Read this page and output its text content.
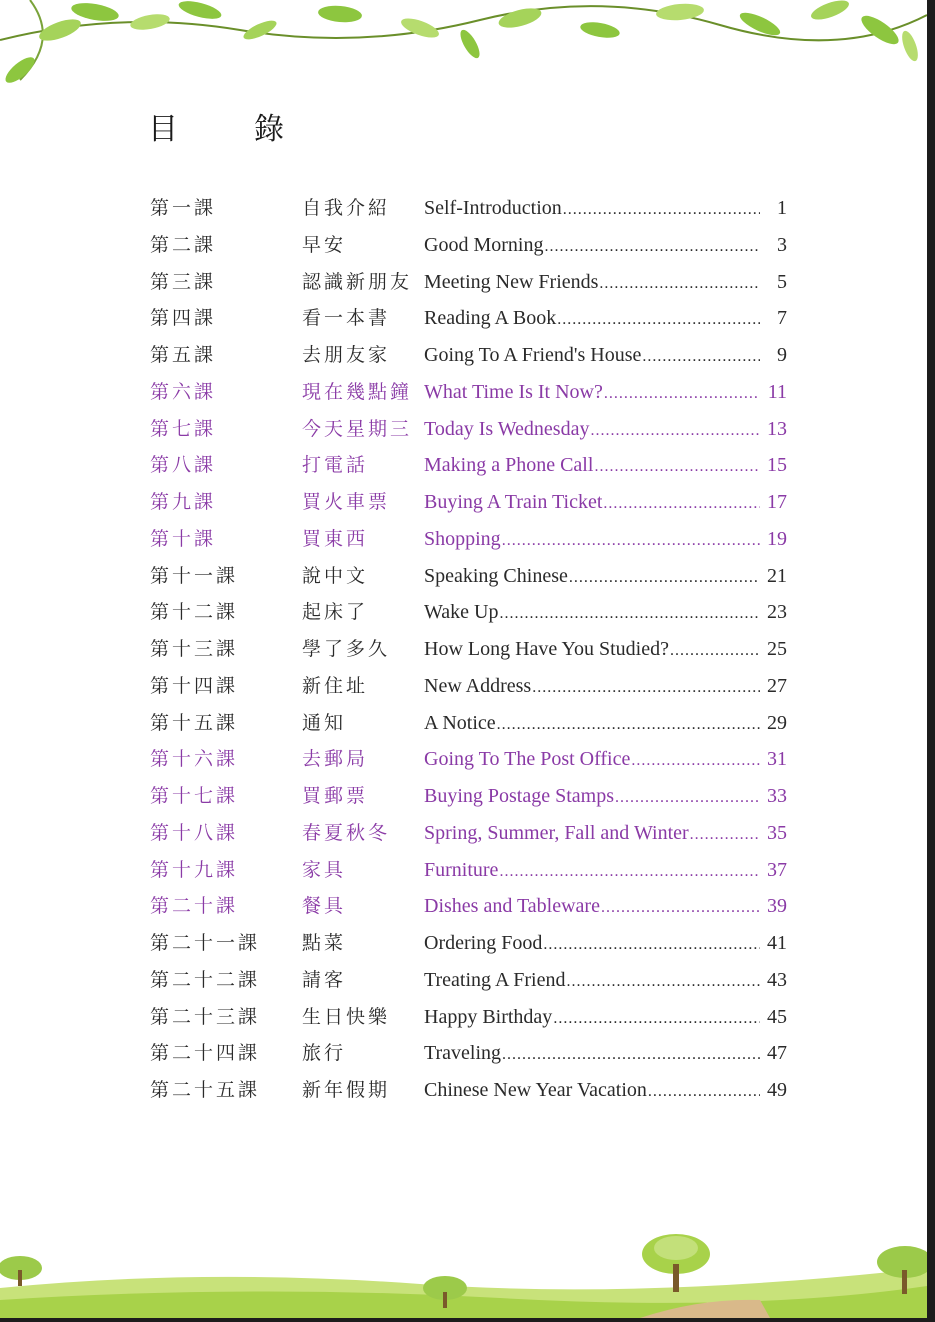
目	錄
第一課	自我介紹 Self-Introduction .....	1
第二課	早安	Good Morning .....	3
第三課	認識新朋友 Meeting New Friends .....	5
第四課	看一本書 Reading A Book .....	7
第五課	去朋友家 Going To A Friend's House .....	9
第六課	現在幾點鐘 What Time Is It Now? .....	11
第七課	今天星期三 Today Is Wednesday .....	13
第八課	打電話	Making a Phone Call .....	15
第九課	買火車票 Buying A Train Ticket .....	17
第十課	買東西	Shopping .....	19
第十一課	說中文	Speaking Chinese .....	21
第十二課	起床了	Wake Up .....	23
第十三課	學了多久 How Long Have You Studied? .....	25
第十四課	新住址	New Address .....	27
第十五課	通知	A Notice .....	29
第十六課	去郵局	Going To The Post Office .....	31
第十七課	買郵票	Buying Postage Stamps .....	33
第十八課	春夏秋冬 Spring, Summer, Fall and Winter .....	35
第十九課	家具	Furniture .....	37
第二十課	餐具	Dishes and Tableware .....	39
第二十一課 點菜	Ordering Food .....	41
第二十二課 請客	Treating A Friend .....	43
第二十三課 生日快樂 Happy Birthday .....	45
第二十四課 旅行	Traveling .....	47
第二十五課 新年假期 Chinese New Year Vacation .....	49
